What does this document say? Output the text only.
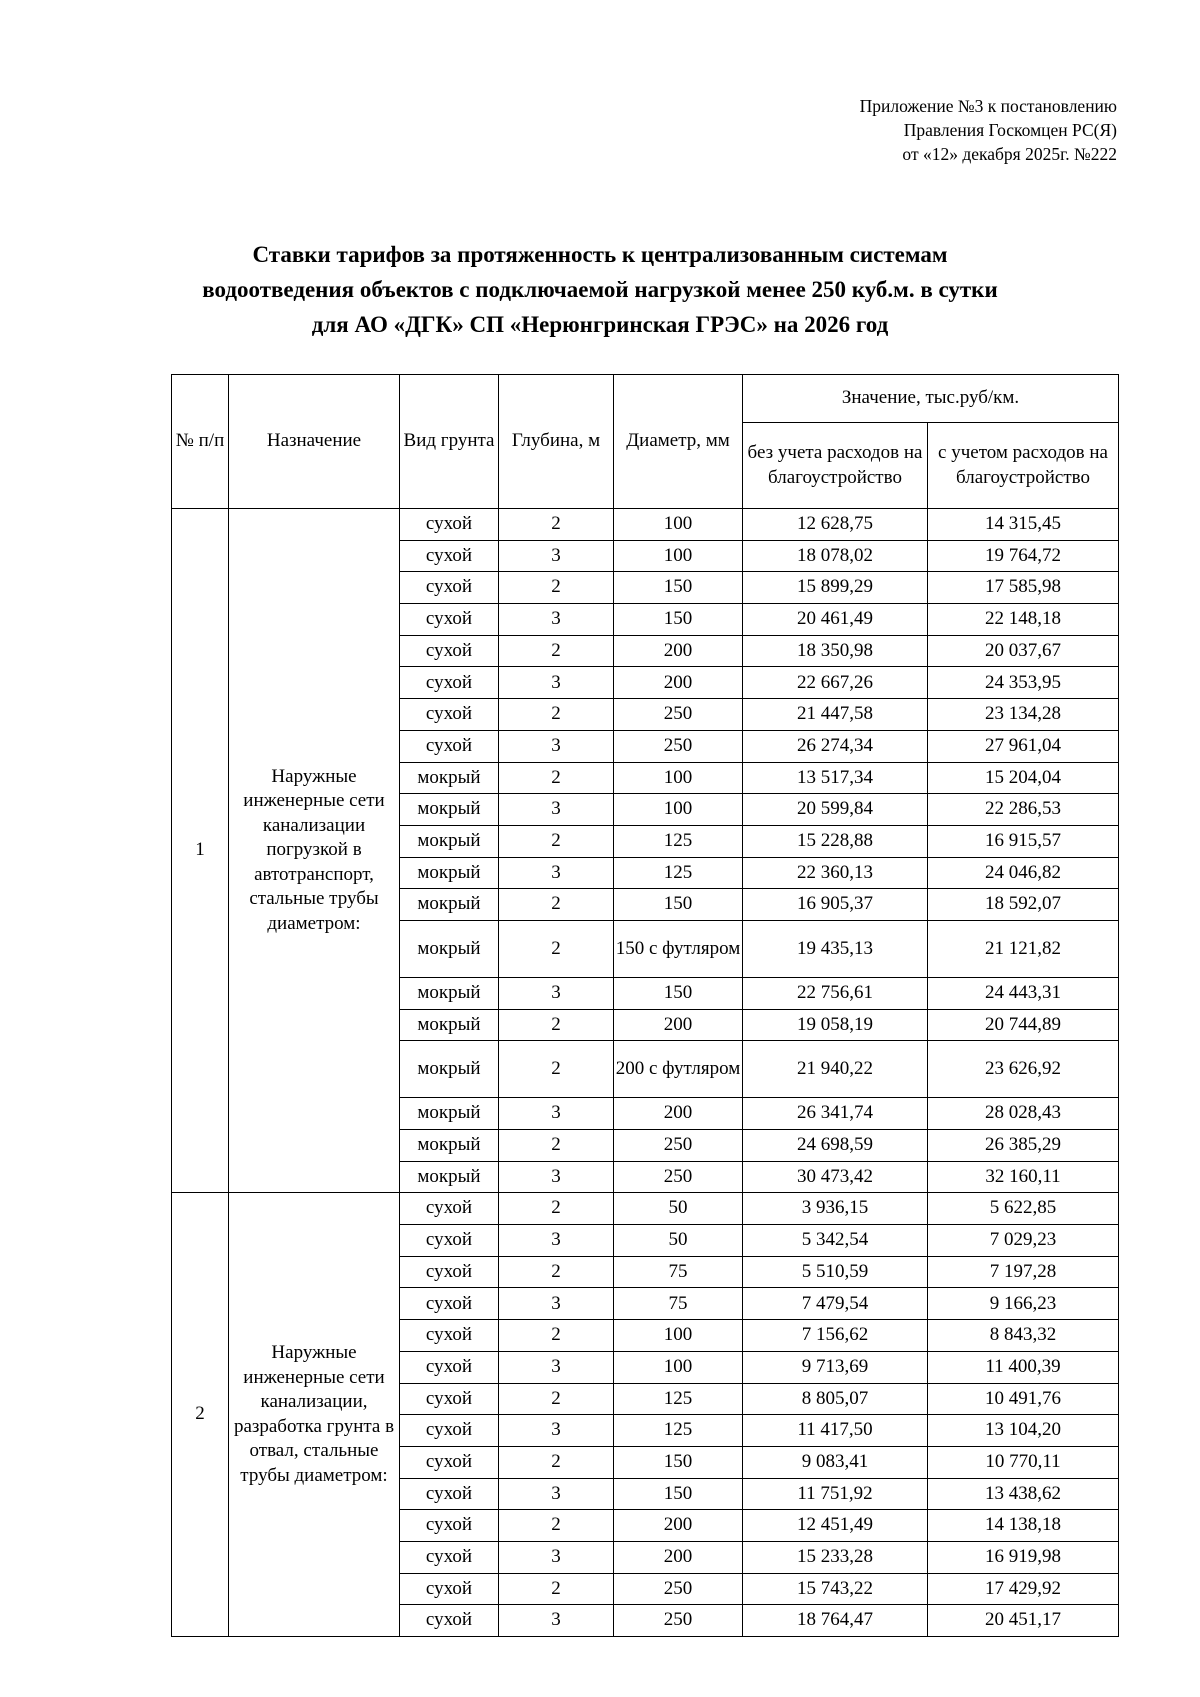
Приложение №3 к постановлению
Правления Госкомцен РС(Я)
от «12» декабря 2025г. №222
Ставки тарифов за протяженность к централизованным системам
водоотведения объектов с подключаемой нагрузкой менее 250 куб.м. в сутки
для АО «ДГК» СП «Нерюнгринская ГРЭС» на 2026 год
№ п/п	Назначение	Вид грунта	Глубина, м	Диаметр, мм	Значение, тыс.руб/км.	
					без учета расходов на благоустройство	с учетом расходов на благоустройство
1	Наружные инженерные сети канализации погрузкой в автотранспорт, стальные трубы диаметром:	сухой	2	100	12 628,75	14 315,45
		сухой	3	100	18 078,02	19 764,72
		сухой	2	150	15 899,29	17 585,98
		сухой	3	150	20 461,49	22 148,18
		сухой	2	200	18 350,98	20 037,67
		сухой	3	200	22 667,26	24 353,95
		сухой	2	250	21 447,58	23 134,28
		сухой	3	250	26 274,34	27 961,04
		мокрый	2	100	13 517,34	15 204,04
		мокрый	3	100	20 599,84	22 286,53
		мокрый	2	125	15 228,88	16 915,57
		мокрый	3	125	22 360,13	24 046,82
		мокрый	2	150	16 905,37	18 592,07
		мокрый	2	150 с футляром	19 435,13	21 121,82
		мокрый	3	150	22 756,61	24 443,31
		мокрый	2	200	19 058,19	20 744,89
		мокрый	2	200 с футляром	21 940,22	23 626,92
		мокрый	3	200	26 341,74	28 028,43
		мокрый	2	250	24 698,59	26 385,29
		мокрый	3	250	30 473,42	32 160,11
2	Наружные инженерные сети канализации, разработка грунта в отвал, стальные трубы диаметром:	сухой	2	50	3 936,15	5 622,85
		сухой	3	50	5 342,54	7 029,23
		сухой	2	75	5 510,59	7 197,28
		сухой	3	75	7 479,54	9 166,23
		сухой	2	100	7 156,62	8 843,32
		сухой	3	100	9 713,69	11 400,39
		сухой	2	125	8 805,07	10 491,76
		сухой	3	125	11 417,50	13 104,20
		сухой	2	150	9 083,41	10 770,11
		сухой	3	150	11 751,92	13 438,62
		сухой	2	200	12 451,49	14 138,18
		сухой	3	200	15 233,28	16 919,98
		сухой	2	250	15 743,22	17 429,92
		сухой	3	250	18 764,47	20 451,17
